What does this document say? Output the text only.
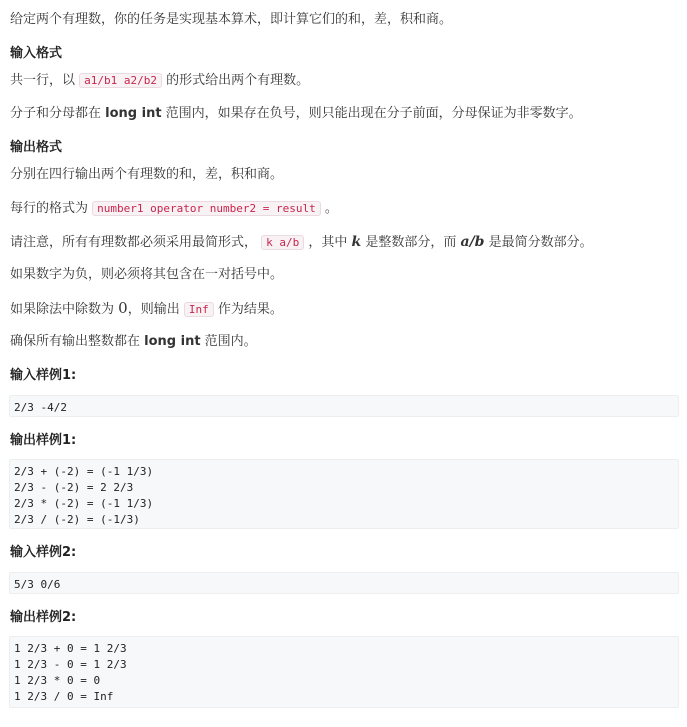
给定两个有理数，你的任务是实现基本算术，即计算它们的和，差，积和商。
输入格式
共一行，以 a1/b1 a2/b2 的形式给出两个有理数。
分子和分母都在 long int 范围内，如果存在负号，则只能出现在分子前面，分母保证为非零数字。
输出格式
分别在四行输出两个有理数的和，差，积和商。
每行的格式为 number1 operator number2 = result 。
请注意，所有有理数都必须采用最简形式， k a/b ，其中 k 是整数部分，而 a/b 是最简分数部分。
如果数字为负，则必须将其包含在一对括号中。
如果除法中除数为 0，则输出 Inf 作为结果。
确保所有输出整数都在 long int 范围内。
输入样例1:
2/3 -4/2
输出样例1:
2/3 + (-2) = (-1 1/3)
2/3 - (-2) = 2 2/3
2/3 * (-2) = (-1 1/3)
2/3 / (-2) = (-1/3)
输入样例2:
5/3 0/6
输出样例2:
1 2/3 + 0 = 1 2/3
1 2/3 - 0 = 1 2/3
1 2/3 * 0 = 0
1 2/3 / 0 = Inf
